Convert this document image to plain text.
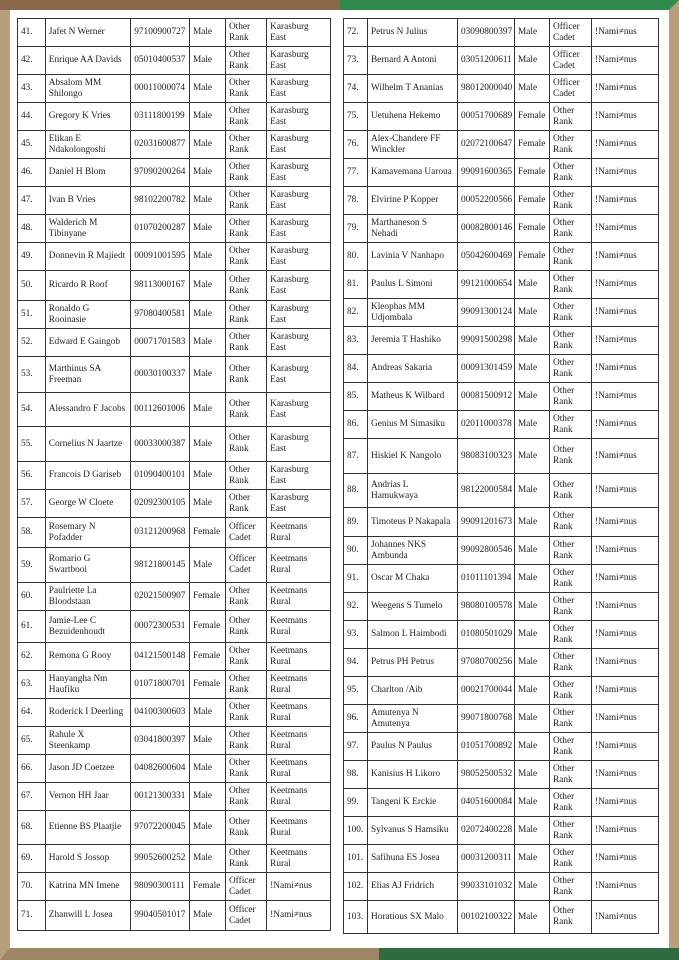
41.	Jafet N Werner	97100900727	Male	Other Rank	Karasburg East
42.	Enrique AA Davids	05010400537	Male	Other Rank	Karasburg East
43.	Absalom MM Shilongo	00011000074	Male	Other Rank	Karasburg East
44.	Gregory K Vries	03111800199	Male	Other Rank	Karasburg East
45.	Elikan E Ndakolongoshi	02031600877	Male	Other Rank	Karasburg East
46.	Daniel H Blom	97090200264	Male	Other Rank	Karasburg East
47.	Ivan B Vries	98102200782	Male	Other Rank	Karasburg East
48.	Walderich M Tibinyane	01070200287	Male	Other Rank	Karasburg East
49.	Donnevin R Majiedt	00091001595	Male	Other Rank	Karasburg East
50.	Ricardo R Roof	98113000167	Male	Other Rank	Karasburg East
51.	Ronaldo G Rooinasie	97080400581	Male	Other Rank	Karasburg East
52.	Edward E Gaingob	00071701583	Male	Other Rank	Karasburg East
53.	Marthinus SA Freeman	00030100337	Male	Other Rank	Karasburg East
54.	Alessandro F Jacobs	00112601006	Male	Other Rank	Karasburg East
55.	Cornelius N Jaartze	00033000387	Male	Other Rank	Karasburg East
56.	Francois D Gariseb	01090400101	Male	Other Rank	Karasburg East
57.	George W Cloete	02092300105	Male	Other Rank	Karasburg East
58.	Rosemary N Pofadder	03121200968	Female	Officer Cadet	Keetmans Rural
59.	Romario G Swartbooi	98121800145	Male	Officer Cadet	Keetmans Rural
60.	Paulriette La Bloodstaan	02021500907	Female	Other Rank	Keetmans Rural
61.	Jamie-Lee C Bezuidenhoudt	00072300531	Female	Other Rank	Keetmans Rural
62.	Remona G Rooy	04121500148	Female	Other Rank	Keetmans Rural
63.	Hanyangha Nm Haufiku	01071800701	Female	Other Rank	Keetmans Rural
64.	Roderick I Deerling	04100300603	Male	Other Rank	Keetmans Rural
65.	Rahule X Steenkamp	03041800397	Male	Other Rank	Keetmans Rural
66.	Jason JD Coetzee	04082600604	Male	Other Rank	Keetmans Rural
67.	Vernon HH Jaar	00121300331	Male	Other Rank	Keetmans Rural
68.	Etienne BS Plaatjie	97072200045	Male	Other Rank	Keetmans Rural
69.	Harold S Jossop	99052600252	Male	Other Rank	Keetmans Rural
70.	Katrina MN Imene	98090300111	Female	Officer Cadet	!Nami≠nus
71.	Zhanwill L Josea	99040501017	Male	Officer Cadet	!Nami≠nus
72.	Petrus N Julius	03090800397	Male	Officer Cadet	!Nami≠nus
73.	Bernard A Antoni	03051200611	Male	Officer Cadet	!Nami≠nus
74.	Wilhelm T Ananias	98012000040	Male	Officer Cadet	!Nami≠nus
75.	Uetuhena Hekemo	00051700689	Female	Other Rank	!Nami≠nus
76.	Alex-Chandere FF Winckler	02072100647	Female	Other Rank	!Nami≠nus
77.	Kamavemana Uaroua	99091600365	Female	Other Rank	!Nami≠nus
78.	Elvirine P Kopper	00052200566	Female	Other Rank	!Nami≠nus
79.	Marthaneson S Nehadi	00082800146	Female	Other Rank	!Nami≠nus
80.	Lavinia V Nanhapo	05042600469	Female	Other Rank	!Nami≠nus
81.	Paulus L Simoni	99121000654	Male	Other Rank	!Nami≠nus
82.	Kleophas MM Udjombala	99091300124	Male	Other Rank	!Nami≠nus
83.	Jeremia T Hashiko	99091500298	Male	Other Rank	!Nami≠nus
84.	Andreas Sakaria	00091301459	Male	Other Rank	!Nami≠nus
85.	Matheus K Wilbard	00081500912	Male	Other Rank	!Nami≠nus
86.	Genius M Simasiku	02011000378	Male	Other Rank	!Nami≠nus
87.	Hiskiel K Nangolo	98083100323	Male	Other Rank	!Nami≠nus
88.	Andrias L Hamukwaya	98122000584	Male	Other Rank	!Nami≠nus
89.	Timoteus P Nakapala	99091201673	Male	Other Rank	!Nami≠nus
90.	Johannes NKS Ambunda	99092800546	Male	Other Rank	!Nami≠nus
91.	Oscar M Chaka	01011101394	Male	Other Rank	!Nami≠nus
92.	Weegens S Tumelo	98080100578	Male	Other Rank	!Nami≠nus
93.	Salmon L Haimbodi	01080501029	Male	Other Rank	!Nami≠nus
94.	Petrus PH Petrus	97080700256	Male	Other Rank	!Nami≠nus
95.	Charlton /Aib	00021700044	Male	Other Rank	!Nami≠nus
96.	Amutenya N Amutenya	99071800768	Male	Other Rank	!Nami≠nus
97.	Paulus N Paulus	01051700892	Male	Other Rank	!Nami≠nus
98.	Kanisius H Likoro	98052500532	Male	Other Rank	!Nami≠nus
99.	Tangeni K Erckie	04051600084	Male	Other Rank	!Nami≠nus
100.	Sylvanus S Hamsiku	02072400228	Male	Other Rank	!Nami≠nus
101.	Safihuna ES Josea	00031200311	Male	Other Rank	!Nami≠nus
102.	Elias AJ Fridrich	99033101032	Male	Other Rank	!Nami≠nus
103.	Horatious SX Malo	00102100322	Male	Other Rank	!Nami≠nus
